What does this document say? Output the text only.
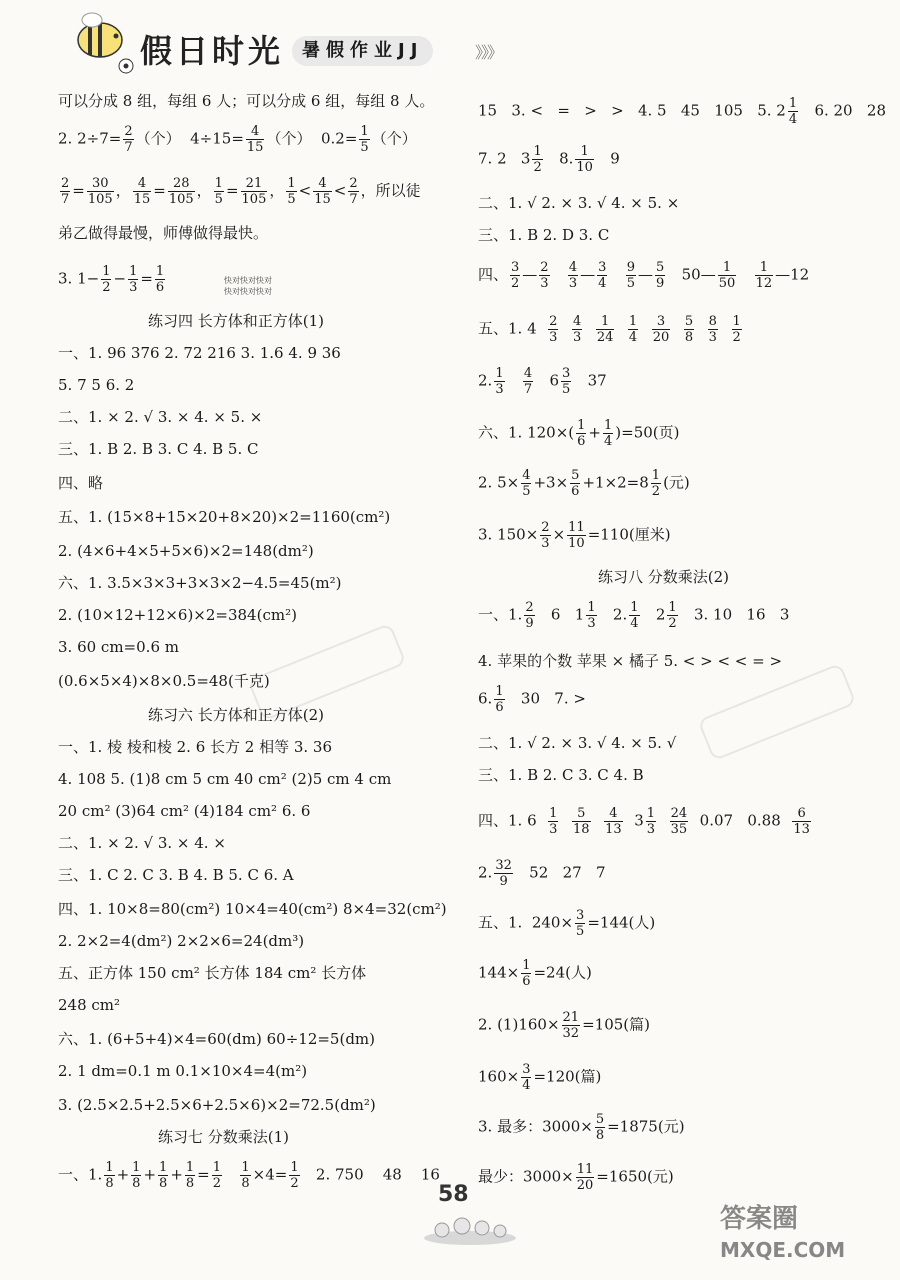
假日时光 暑假作业JJ	》》》
可以分成 8 组，每组 6 人；可以分成 6 组，每组 8 人。
2. $2\div 7= \frac{2}{7}$ （个）  $4\div 15= \frac{4}{15}$ （个）  $0.2= \frac{1}{5}$ （个）
$\frac{2}{7} = \frac{30}{105}$ ， $\frac{4}{15} = \frac{28}{105}$ ， $\frac{1}{5} = \frac{21}{105}$ ， $\frac{1}{5} < \frac{4}{15} < \frac{2}{7}$ ，所以徒
弟乙做得最慢，师傅做得最快。
3. $1- \frac{1}{2} - \frac{1}{3} = \frac{1}{6}$	快对快对快对
快对快对快对
练习四 长方体和正方体(1)
一、1. 96 376 2. 72 216 3. 1.6 4. 9 36
5. 7 5 6. 2
二、1. × 2. √ 3. × 4. × 5. ×
三、1. B 2. B 3. C 4. B 5. C
四、略
五、1. (15×8+15×20+8×20)×2=1160(cm²)
2. (4×6+4×5+5×6)×2=148(dm²)
六、1. 3.5×3×3+3×3×2−4.5=45(m²)
2. (10×12+12×6)×2=384(cm²)
3. 60 cm=0.6 m
(0.6×5×4)×8×0.5=48(千克)
练习六 长方体和正方体(2)
一、1. 棱 棱和棱 2. 6 长方 2 相等 3. 36
4. 108 5. (1)8 cm 5 cm 40 cm² (2)5 cm 4 cm
20 cm² (3)64 cm² (4)184 cm² 6. 6
二、1. × 2. √ 3. × 4. ×
三、1. C 2. C 3. B 4. B 5. C 6. A
四、1. 10×8=80(cm²) 10×4=40(cm²) 8×4=32(cm²)
2. 2×2=4(dm²) 2×2×6=24(dm³)
五、正方体 150 cm² 长方体 184 cm² 长方体
248 cm²
六、1. (6+5+4)×4=60(dm) 60÷12=5(dm)
2. 1 dm=0.1 m 0.1×10×4=4(m²)
3. (2.5×2.5+2.5×6+2.5×6)×2=72.5(dm²)
练习七 分数乘法(1)
一、1. $\frac{1}{8} + \frac{1}{8} + \frac{1}{8} + \frac{1}{8} = \frac{1}{2}$
$\frac{1}{8} \times 4= \frac{1}{2} 2$. 750    48    16
15   3. <   =   >   >   4. 5   45   105   5. $2 \frac{1}{4} 6$. 20   28
7. 2   $3 \frac{1}{2} 8$. $\frac{1}{10} 9$
二、1. √ 2. × 3. √ 4. × 5. ×
三、1. B 2. D 3. C
四、 $\frac{3}{2}$ — $\frac{2}{3}$
$\frac{4}{3}$ — $\frac{3}{4}$
$\frac{9}{5}$ — $\frac{5}{9}$ 50— $\frac{1}{50}$
$\frac{1}{12}$ —12
五、1. $4 \frac{2}{3}$
$\frac{4}{3}$
$\frac{1}{24}$
$\frac{1}{4}$
$\frac{3}{20}$
$\frac{5}{8}$
$\frac{8}{3}$
$\frac{1}{2}$
2. $\frac{1}{3}$
$\frac{4}{7} 6 \frac{3}{5} 37$
六、1. $120\times( \frac{1}{6} + \frac{1}{4} )=50$(页)
2. $5\times \frac{4}{5} +3\times \frac{5}{6} +1\times 2=8 \frac{1}{2}$ (元)
3. $150\times \frac{2}{3} \times \frac{11}{10} =110$(厘米)
练习八 分数乘法(2)
一、1. $\frac{2}{9} 6$   $1 \frac{1}{3} 2$. $\frac{1}{4} 2 \frac{1}{2} 3$. 10   16   3
4. 苹果的个数 苹果 × 橘子 5. < > < < = >
6. $\frac{1}{6} 30$   7. >
二、1. √ 2. × 3. √ 4. × 5. √
三、1. B 2. C 3. C 4. B
四、1. $6 \frac{1}{3}$
$\frac{5}{18}$
$\frac{4}{13} 3 \frac{1}{3}$
$\frac{24}{35} 0.07$   $0.88 \frac{6}{13}$
2. $\frac{32}{9} 52$   27   7
五、1.  $240\times \frac{3}{5} =144$(人)
$144\times \frac{1}{6} =24$(人)
2. $(1)160\times \frac{21}{32} =105$(篇)
$160\times \frac{3}{4} =120$(篇)
3. 最多：$3000\times \frac{5}{8} =1875$(元)
最少：$3000\times \frac{11}{20} =1650$(元)
58
答案圈
MXQE.COM
